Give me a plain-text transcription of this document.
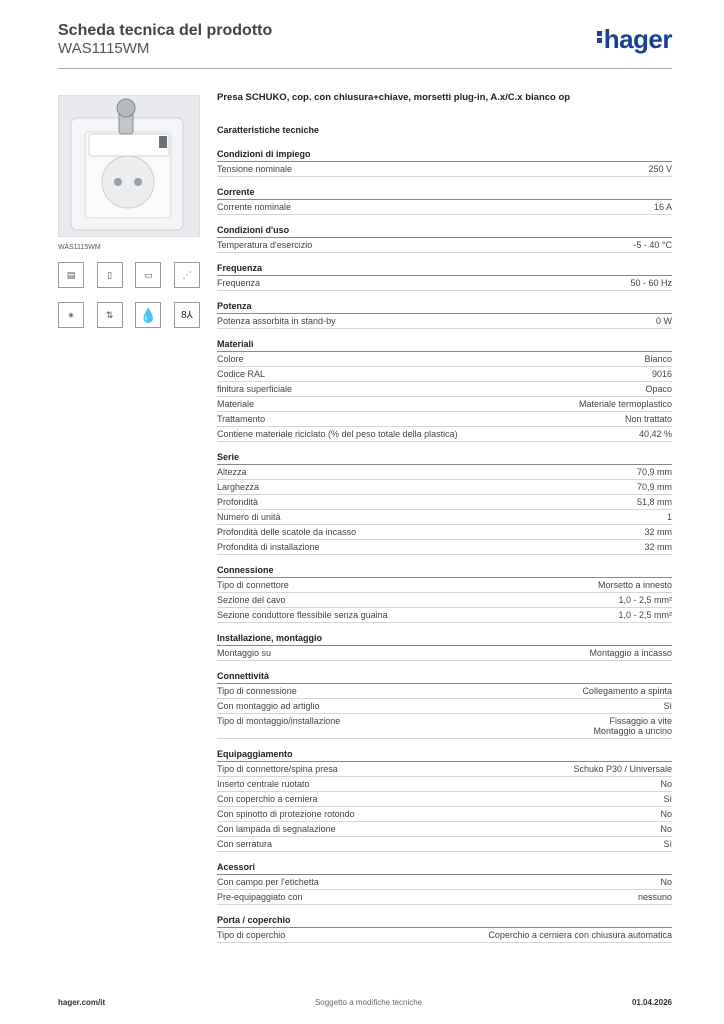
Scheda tecnica del prodotto
WAS1115WM	hager
WAS1115WM
▤	▯	▭	⋰
∗	⇅	💧	8⅄

Presa SCHUKO, cop. con chiusura+chiave, morsetti plug-in, A.x/C.x bianco op

Caratteristiche tecniche

Condizioni di impiego
Tensione nominale	250 V
Corrente
Corrente nominale	16 A
Condizioni d'uso
Temperatura d'esercizio	-5 - 40 °C
Frequenza
Frequenza	50 - 60 Hz
Potenza
Potenza assorbita in stand-by	0 W
Materiali
Colore	Bianco
Codice RAL	9016
finitura superficiale	Opaco
Materiale	Materiale termoplastico
Trattamento	Non trattato
Contiene materiale riciclato (% del peso totale della plastica)	40,42 %
Serie
Altezza	70,9 mm
Larghezza	70,9 mm
Profondità	51,8 mm
Numero di unità	1
Profondità delle scatole da incasso	32 mm
Profondità di installazione	32 mm
Connessione
Tipo di connettore	Morsetto a innesto
Sezione del cavo	1,0 - 2,5 mm²
Sezione conduttore flessibile senza guaina	1,0 - 2,5 mm²
Installazione, montaggio
Montaggio su	Montaggio a incasso
Connettività
Tipo di connessione	Collegamento a spinta
Con montaggio ad artiglio	Sì
Tipo di montaggio/installazione	Fissaggio a vite
Montaggio a uncino
Equipaggiamento
Tipo di connettore/spina presa	Schuko P30 / Universale
Inserto centrale ruotato	No
Con coperchio a cerniera	Sì
Con spinotto di protezione rotondo	No
Con lampada di segnalazione	No
Con serratura	Sì
Acessori
Con campo per l'etichetta	No
Pre-equipaggiato con	nessuno
Porta / coperchio
Tipo di coperchio	Coperchio a cerniera con chiusura automatica
hager.com/it	Soggetto a modifiche tecniche	01.04.2026
